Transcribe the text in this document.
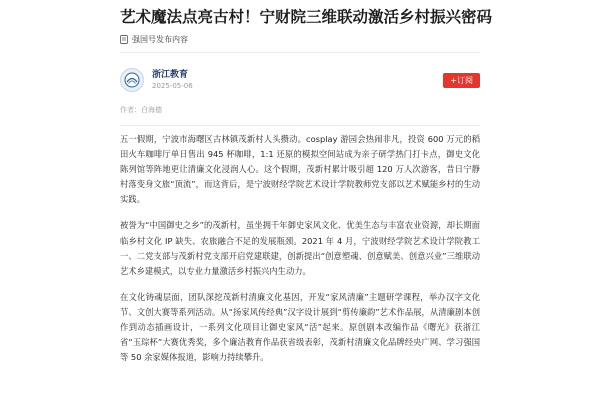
艺术魔法点亮古村！宁财院三维联动激活乡村振兴密码
强国号发布内容
浙江教育
2025-05-06
+订阅
作者：白海德

五一假期，宁波市海曙区古林镇茂新村人头攒动。cosplay 游园会热闹非凡，投资 600 万元的稻田火车咖啡厅单日售出 945 杯咖啡，1:1 还原的模拟空间站成为亲子研学热门打卡点，御史文化陈列馆等阵地更让清廉文化浸润人心。这个假期，茂新村累计吸引超 120 万人次游客，昔日宁静村落变身文旅“顶流”，而这背后，是宁波财经学院艺术设计学院教师党支部以艺术赋能乡村的生动实践。

被誉为“中国御史之乡”的茂新村，虽坐拥千年御史家风文化、优美生态与丰富农业资源，却长期面临乡村文化 IP 缺失、农旅融合不足的发展瓶颈。2021 年 4 月，宁波财经学院艺术设计学院教工一、二党支部与茂新村党支部开启党建联建，创新提出“创意塑魂、创意赋美、创意兴业”三维联动艺术乡建模式，以专业力量激活乡村振兴内生动力。

在文化铸魂层面，团队深挖茂新村清廉文化基因，开发“家风清廉”主题研学课程，举办汉字文化节、文创大赛等系列活动。从“扬家风传经典”汉字设计展到“剪传廉韵”艺术作品展，从清廉剧本创作到动态插画设计，一系列文化项目让御史家风“活”起来。原创剧本改编作品《曙光》获浙江省“玉琮杯”大赛优秀奖，多个廉洁教育作品获省级表彰，茂新村清廉文化品牌经央广网、学习强国等 50 余家媒体报道，影响力持续攀升。
